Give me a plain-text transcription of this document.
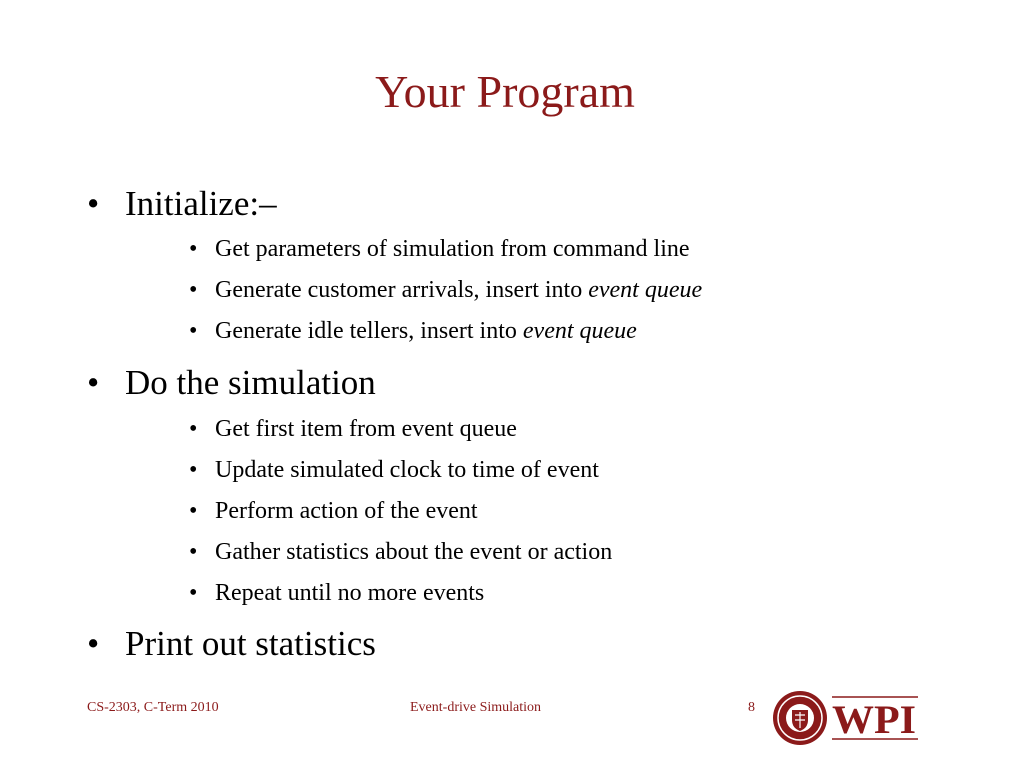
Your Program
• Initialize:–
• Get parameters of simulation from command line
• Generate customer arrivals, insert into event queue
• Generate idle tellers, insert into event queue
• Do the simulation
• Get first item from event queue
• Update simulated clock to time of event
• Perform action of the event
• Gather statistics about the event or action
• Repeat until no more events
• Print out statistics
CS-2303, C-Term 2010	Event-drive Simulation	8 WPI
